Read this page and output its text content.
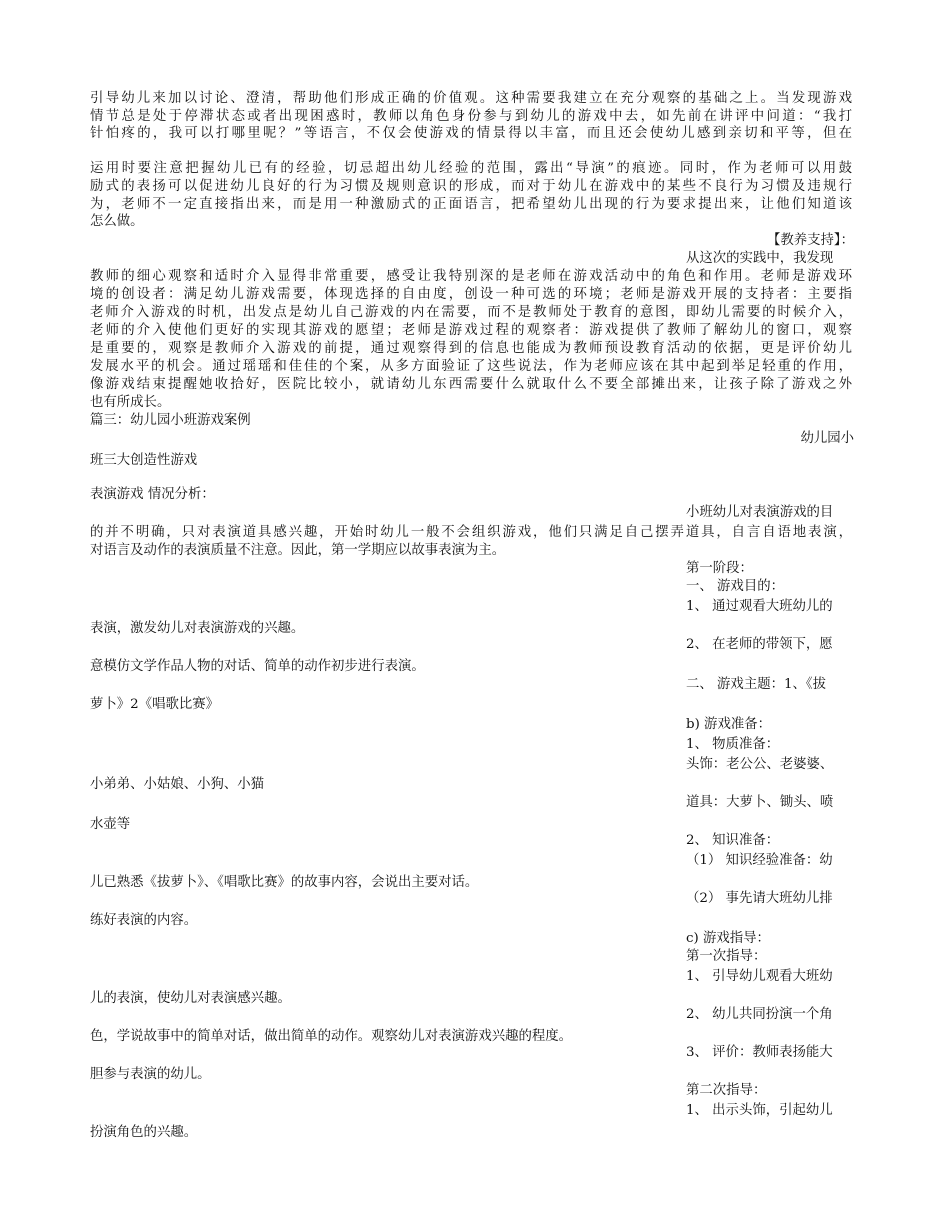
引导幼儿来加以讨论、澄清，帮助他们形成正确的价值观。这种需要我建立在充分观察的基础之上。当发现游戏
情节总是处于停滞状态或者出现困惑时，教师以角色身份参与到幼儿的游戏中去，如先前在讲评中问道：“我打
针怕疼的，我可以打哪里呢？”等语言，不仅会使游戏的情景得以丰富，而且还会使幼儿感到亲切和平等，但在
运用时要注意把握幼儿已有的经验，切忌超出幼儿经验的范围，露出“导演”的痕迹。同时，作为老师可以用鼓
励式的表扬可以促进幼儿良好的行为习惯及规则意识的形成，而对于幼儿在游戏中的某些不良行为习惯及违规行
为，老师不一定直接指出来，而是用一种激励式的正面语言，把希望幼儿出现的行为要求提出来，让他们知道该
怎么做。
【教养支持】：
从这次的实践中，我发现
教师的细心观察和适时介入显得非常重要，感受让我特别深的是老师在游戏活动中的角色和作用。老师是游戏环
境的创设者：满足幼儿游戏需要，体现选择的自由度，创设一种可选的环境；老师是游戏开展的支持者：主要指
老师介入游戏的时机，出发点是幼儿自己游戏的内在需要，而不是教师处于教育的意图，即幼儿需要的时候介入，
老师的介入使他们更好的实现其游戏的愿望；老师是游戏过程的观察者：游戏提供了教师了解幼儿的窗口，观察
是重要的，观察是教师介入游戏的前提，通过观察得到的信息也能成为教师预设教育活动的依据，更是评价幼儿
发展水平的机会。通过瑶瑶和佳佳的个案，从多方面验证了这些说法，作为老师应该在其中起到举足轻重的作用，
像游戏结束提醒她收拾好，医院比较小，就请幼儿东西需要什么就取什么不要全部摊出来，让孩子除了游戏之外
也有所成长。
篇三：幼儿园小班游戏案例
幼儿园小
班三大创造性游戏
表演游戏 情况分析：
小班幼儿对表演游戏的目
的并不明确，只对表演道具感兴趣，开始时幼儿一般不会组织游戏，他们只满足自己摆弄道具，自言自语地表演，
对语言及动作的表演质量不注意。因此，第一学期应以故事表演为主。
第一阶段：
一、 游戏目的：
1、 通过观看大班幼儿的
表演，激发幼儿对表演游戏的兴趣。
2、 在老师的带领下，愿
意模仿文学作品人物的对话、简单的动作初步进行表演。
二、 游戏主题：1、《拔
萝卜》2《唱歌比赛》
b) 游戏准备：
1、 物质准备：
头饰：老公公、老婆婆、
小弟弟、小姑娘、小狗、小猫
道具：大萝卜、锄头、喷
水壶等
2、 知识准备：
（1） 知识经验准备：幼
儿已熟悉《拔萝卜》、《唱歌比赛》的故事内容，会说出主要对话。
（2） 事先请大班幼儿排
练好表演的内容。
c) 游戏指导：
第一次指导：
1、 引导幼儿观看大班幼
儿的表演，使幼儿对表演感兴趣。
2、 幼儿共同扮演一个角
色，学说故事中的简单对话，做出简单的动作。观察幼儿对表演游戏兴趣的程度。
3、 评价：教师表扬能大
胆参与表演的幼儿。
第二次指导：
1、 出示头饰，引起幼儿
扮演角色的兴趣。
